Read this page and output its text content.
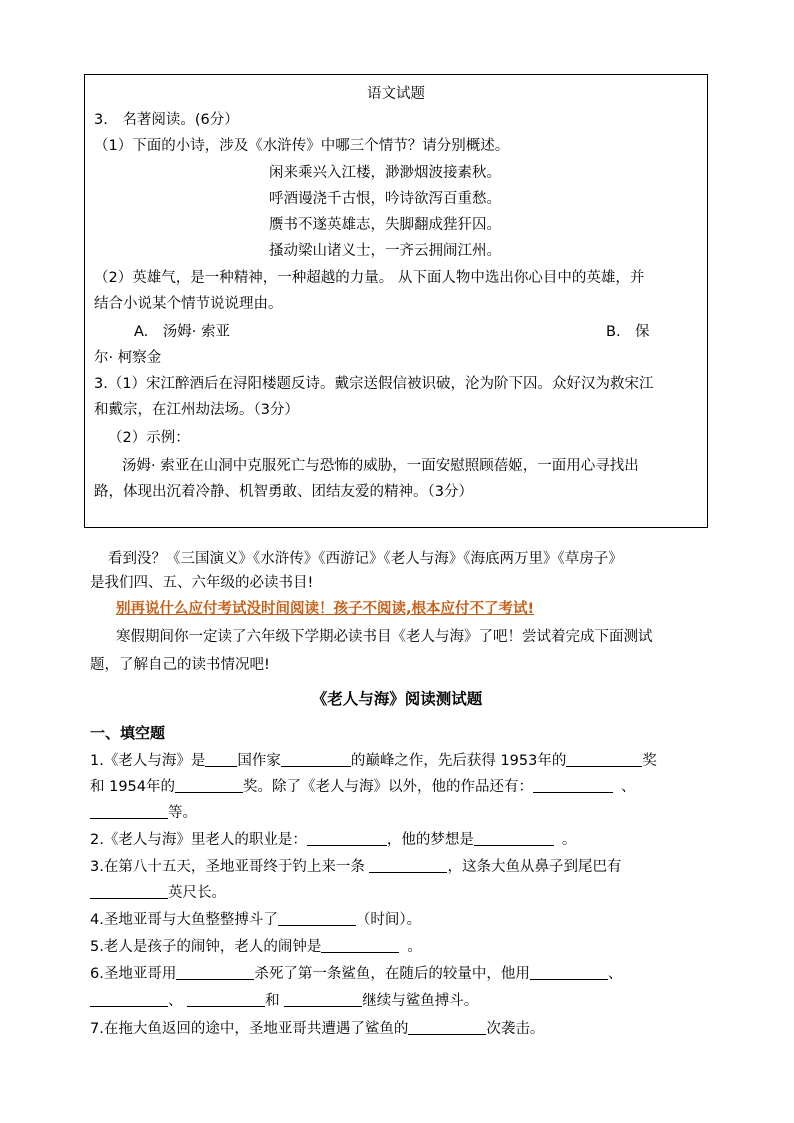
语文试题
3.　名著阅读。(6分）
（1）下面的小诗，涉及《水浒传》中哪三个情节？请分别概述。
闲来乘兴入江楼，渺渺烟波接素秋。
呼酒谩浇千古恨，吟诗欲泻百重愁。
赝书不遂英雄志，失脚翻成狴犴囚。
搔动梁山诸义士，一齐云拥闹江州。
（2）英雄气，是一种精神，一种超越的力量。 从下面人物中选出你心目中的英雄，并
结合小说某个情节说说理由。
A.　汤姆· 索亚	B.　保
尔· 柯察金
3.（1）宋江醉酒后在浔阳楼题反诗。戴宗送假信被识破，沦为阶下囚。众好汉为救宋江
和戴宗，在江州劫法场。（3分）
（2）示例：
汤姆· 索亚在山洞中克服死亡与恐怖的威胁，一面安慰照顾蓓姬，一面用心寻找出
路，体现出沉着冷静、机智勇敢、团结友爱的精神。（3分）
看到没？《三国演义》《水浒传》《西游记》《老人与海》《海底两万里》《草房子》
是我们四、五、六年级的必读书目!
别再说什么应付考试没时间阅读！孩子不阅读,根本应付不了考试!
寒假期间你一定读了六年级下学期必读书目《老人与海》了吧！尝试着完成下面测试
题，了解自己的读书情况吧!
《老人与海》阅读测试题
一、填空题
1.《老人与海》是 国作家	的巅峰之作，先后获得 1953年的	奖
和 1954年的	奖。除了《老人与海》以外，他的作品还有：	、
等。
2.《老人与海》里老人的职业是：	，他的梦想是	。
3.在第八十五天，圣地亚哥终于钓上来一条	，这条大鱼从鼻子到尾巴有
英尺长。
4.圣地亚哥与大鱼整整搏斗了	（时间）。
5.老人是孩子的闹钟，老人的闹钟是	。
6.圣地亚哥用	杀死了第一条鲨鱼，在随后的较量中，他用	、
、	和	继续与鲨鱼搏斗。
7.在拖大鱼返回的途中，圣地亚哥共遭遇了鲨鱼的	次袭击。
